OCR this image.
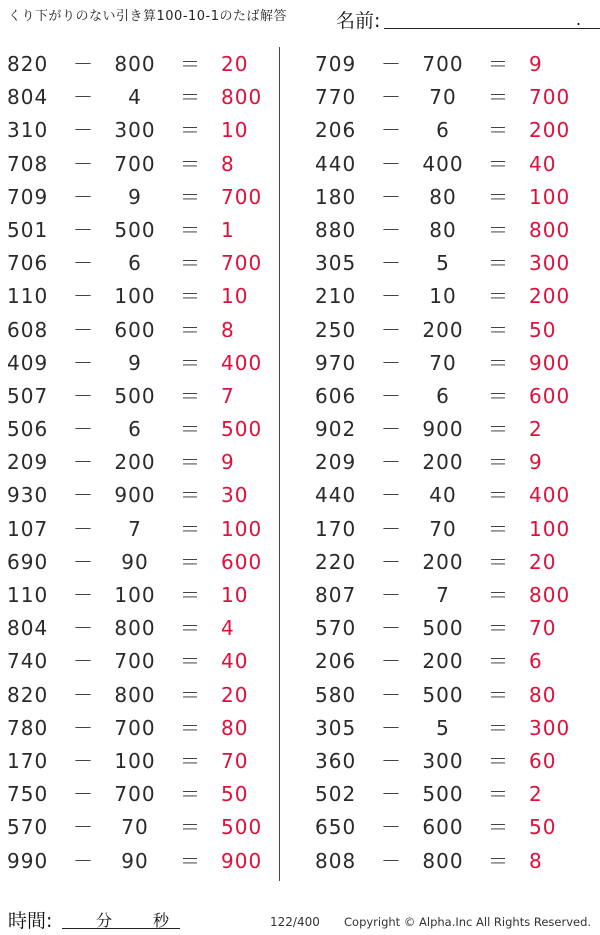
くり下がりのない引き算100-10-1のたば解答	名前:	.
820	－	800	＝ 20
804	－	4	＝ 800
310	－	300	＝ 10
708	－	700	＝ 8
709	－	9	＝ 700
501	－	500	＝ 1
706	－	6	＝ 700
110	－	100	＝ 10
608	－	600	＝ 8
409	－	9	＝ 400
507	－	500	＝ 7
506	－	6	＝ 500
209	－	200	＝ 9
930	－	900	＝ 30
107	－	7	＝ 100
690	－	90	＝ 600
110	－	100	＝ 10
804	－	800	＝ 4
740	－	700	＝ 40
820	－	800	＝ 20
780	－	700	＝ 80
170	－	100	＝ 70
750	－	700	＝ 50
570	－	70	＝ 500
990	－	90	＝ 900
709	－	700	＝ 9
770	－	70	＝ 700
206	－	6	＝ 200
440	－	400	＝ 40
180	－	80	＝ 100
880	－	80	＝ 800
305	－	5	＝ 300
210	－	10	＝ 200
250	－	200	＝ 50
970	－	70	＝ 900
606	－	6	＝ 600
902	－	900	＝ 2
209	－	200	＝ 9
440	－	40	＝ 400
170	－	70	＝ 100
220	－	200	＝ 20
807	－	7	＝ 800
570	－	500	＝ 70
206	－	200	＝ 6
580	－	500	＝ 80
305	－	5	＝ 300
360	－	300	＝ 60
502	－	500	＝ 2
650	－	600	＝ 50
808	－	800	＝ 8
時間:	分	秒	122/400 Copyright © Alpha.Inc All Rights Reserved.
